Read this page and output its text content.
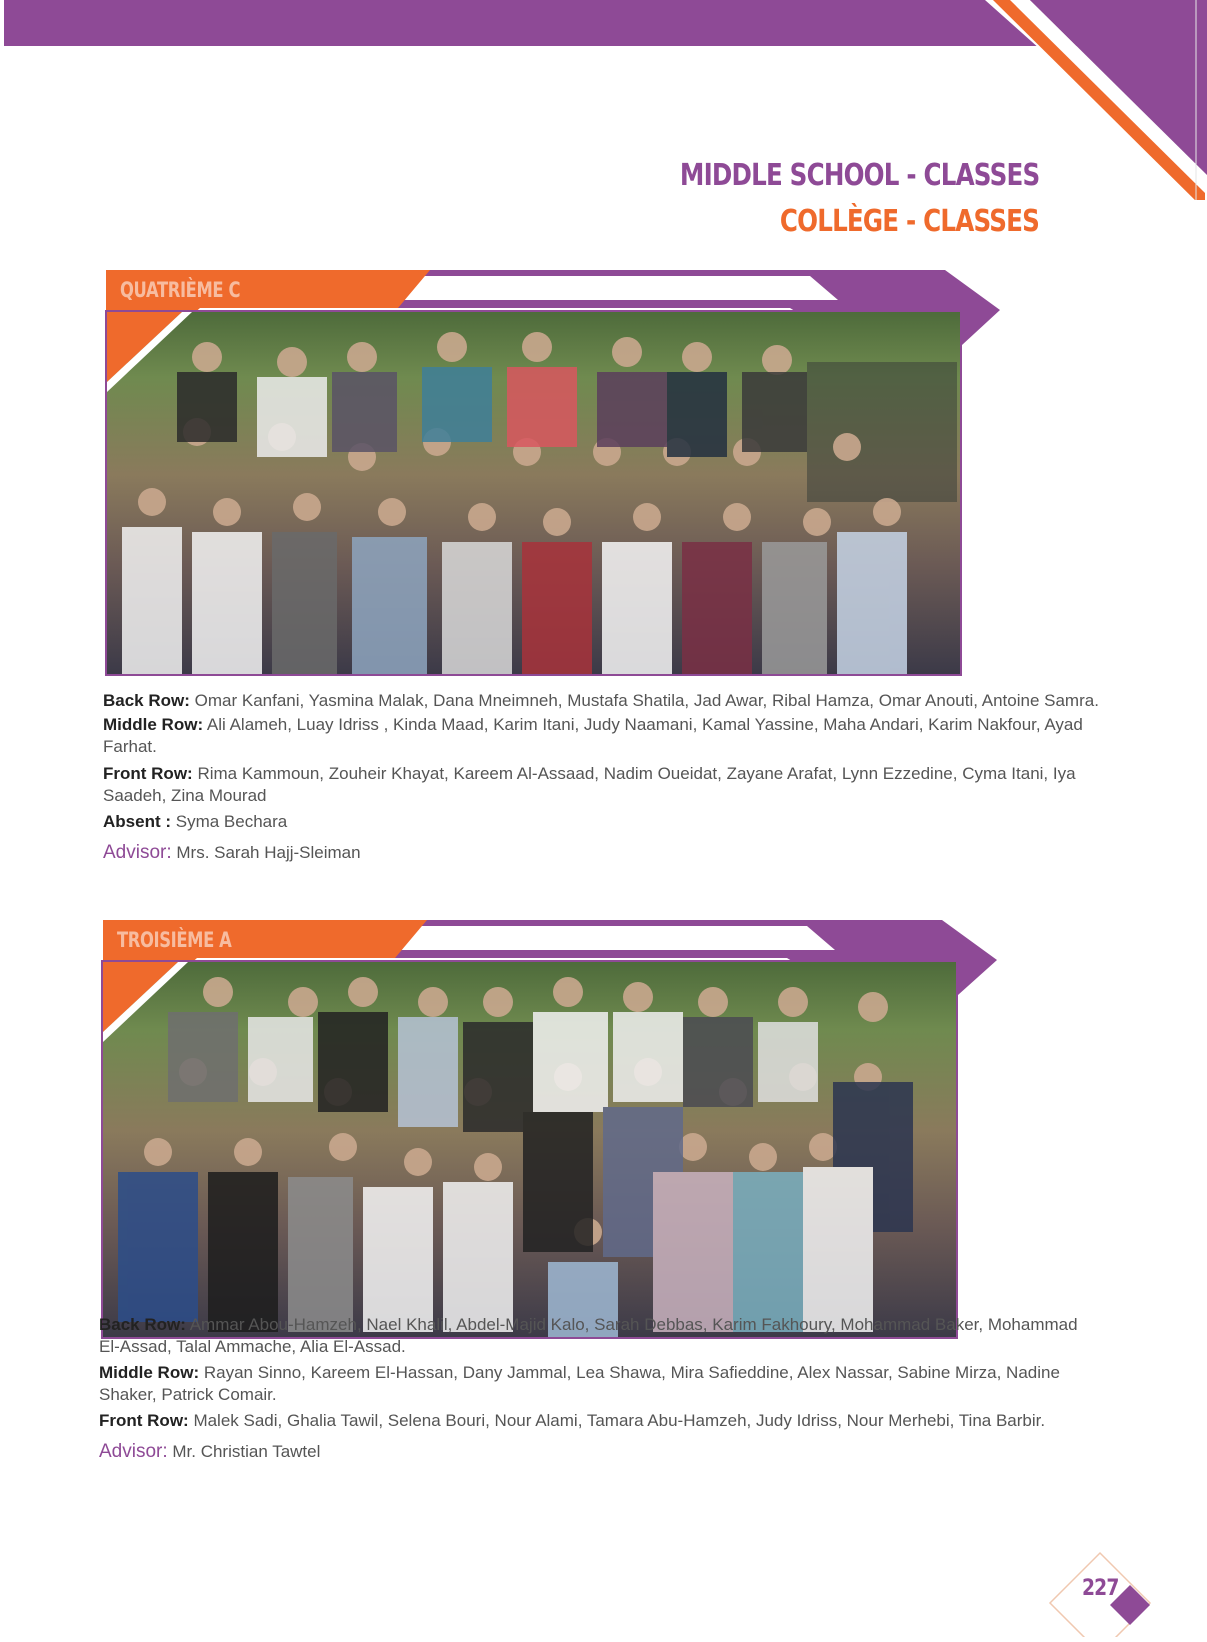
MIDDLE SCHOOL - CLASSES
COLLÈGE - CLASSES
QUATRIÈME C
Back Row: Omar Kanfani, Yasmina Malak, Dana Mneimneh, Mustafa Shatila, Jad Awar, Ribal Hamza, Omar Anouti, Antoine Samra.
Middle Row: Ali Alameh, Luay Idriss , Kinda Maad, Karim Itani, Judy Naamani, Kamal Yassine, Maha Andari, Karim Nakfour, Ayad Farhat.
Front Row: Rima Kammoun, Zouheir Khayat, Kareem Al-Assaad, Nadim Oueidat, Zayane Arafat, Lynn Ezzedine, Cyma Itani, Iya Saadeh, Zina Mourad
Absent : Syma Bechara
Advisor: Mrs. Sarah Hajj-Sleiman
TROISIÈME A
Back Row: Ammar Abou-Hamzeh, Nael Khalil, Abdel-Majid Kalo, Sarah Debbas, Karim Fakhoury, Mohammad Baker, Mohammad El-Assad, Talal Ammache, Alia El-Assad.
Middle Row: Rayan Sinno, Kareem El-Hassan, Dany Jammal, Lea Shawa, Mira Safieddine, Alex Nassar, Sabine Mirza, Nadine Shaker, Patrick Comair.
Front Row: Malek Sadi, Ghalia Tawil, Selena Bouri, Nour Alami, Tamara Abu-Hamzeh, Judy Idriss, Nour Merhebi, Tina Barbir.
Advisor: Mr. Christian Tawtel
227
